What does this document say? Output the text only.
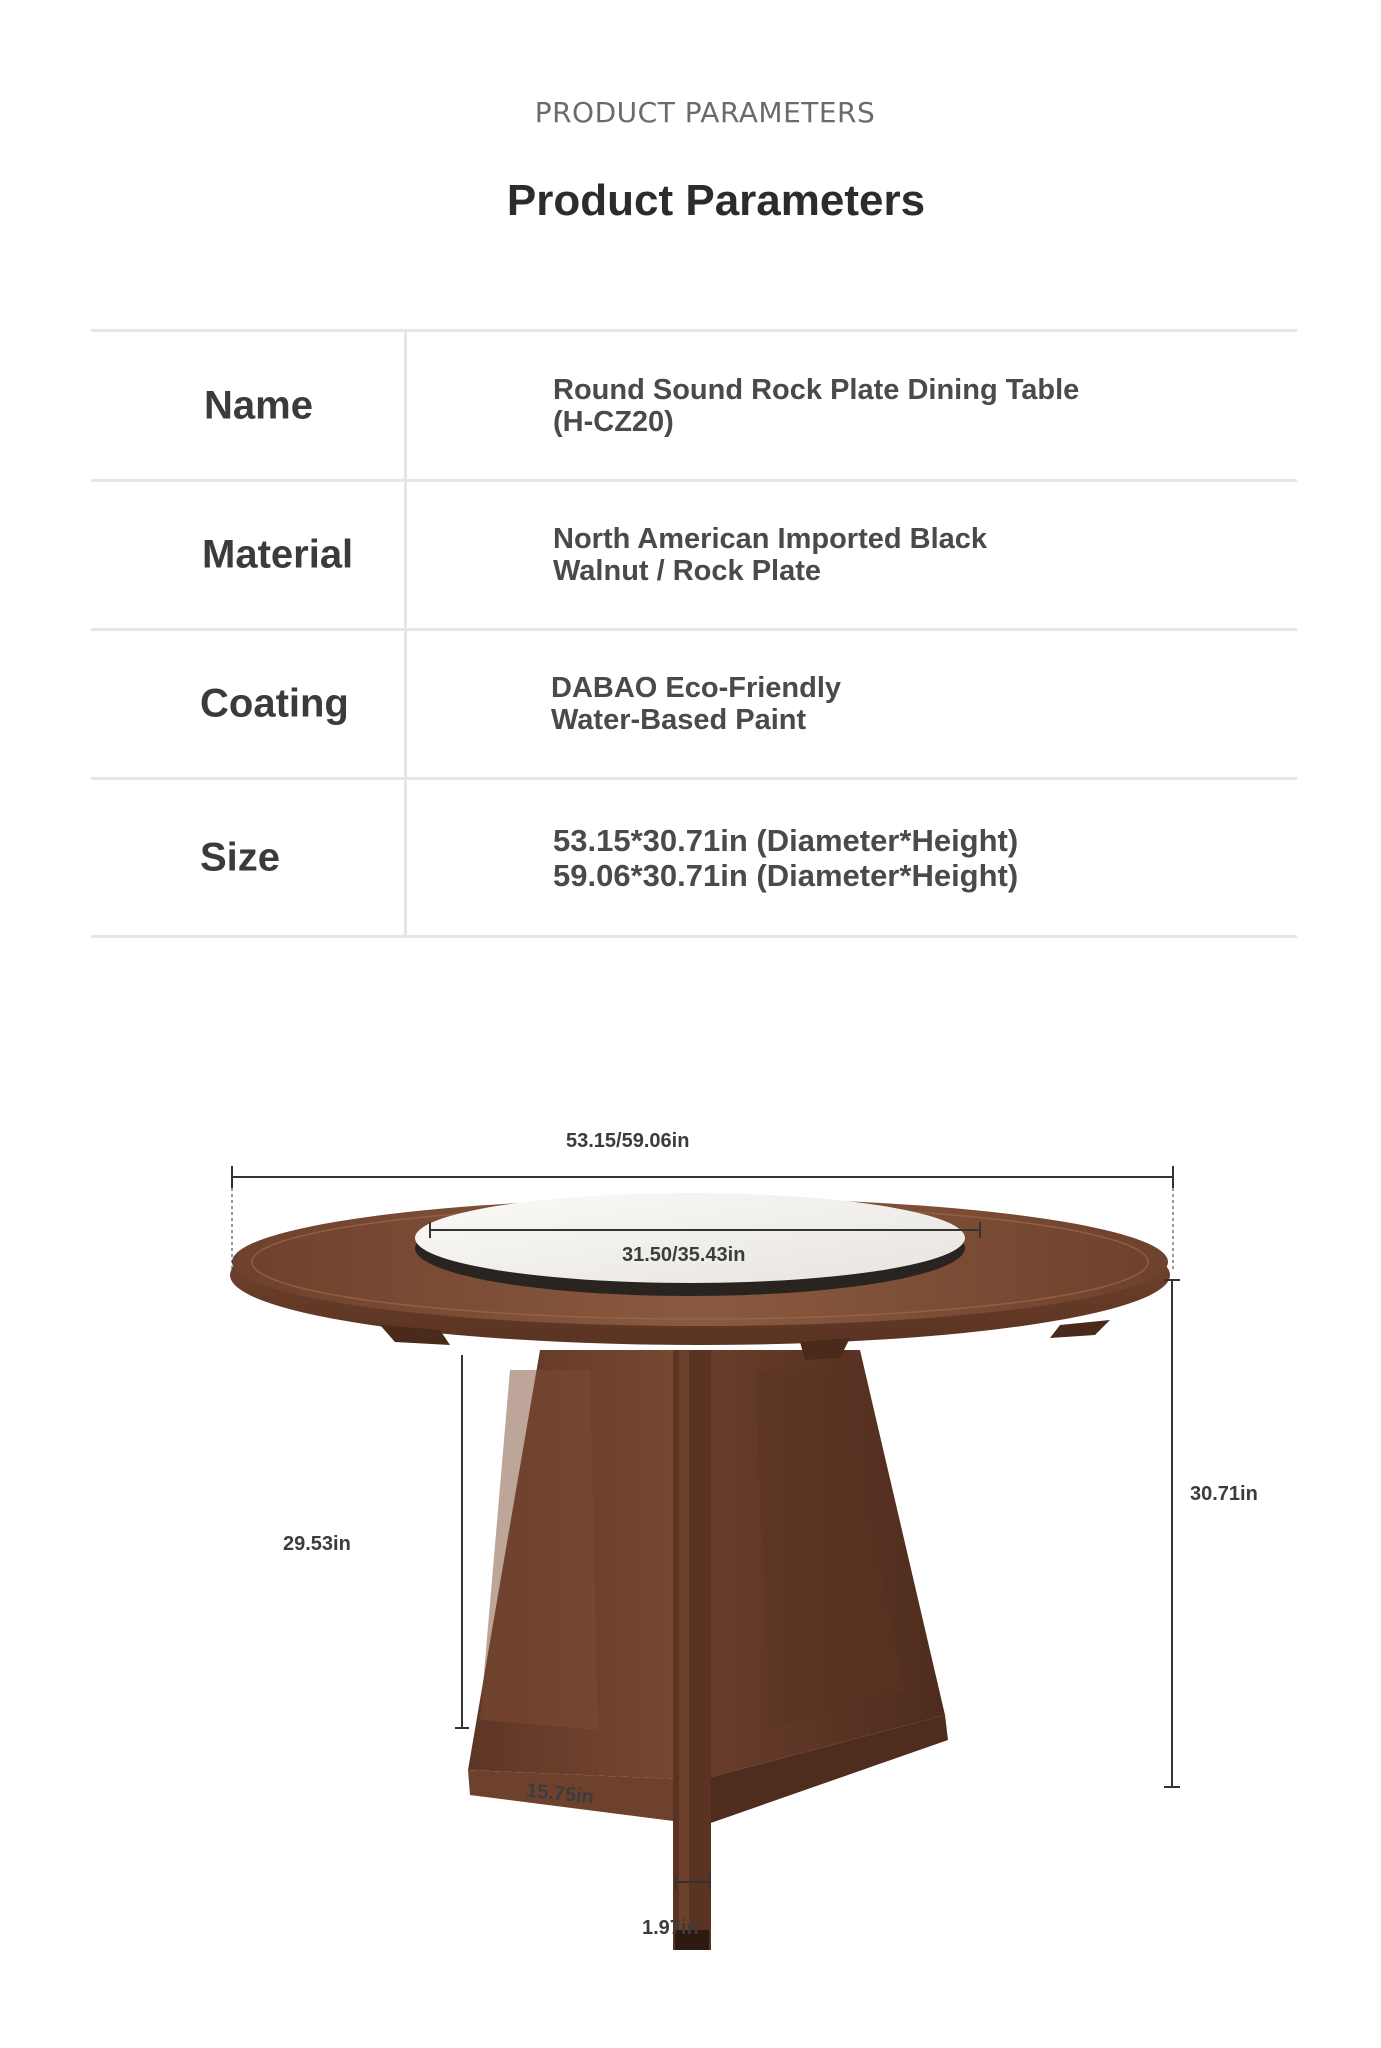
PRODUCT PARAMETERS
Product Parameters
Name	Round Sound Rock Plate Dining Table
(H-CZ20)
Material	North American Imported Black
Walnut / Rock Plate
Coating	DABAO Eco-Friendly
Water-Based Paint
Size	53.15*30.71in (Diameter*Height)
59.06*30.71in (Diameter*Height)
53.15/59.06in
31.50/35.43in
30.71in
29.53in
15.75in
1.97in
